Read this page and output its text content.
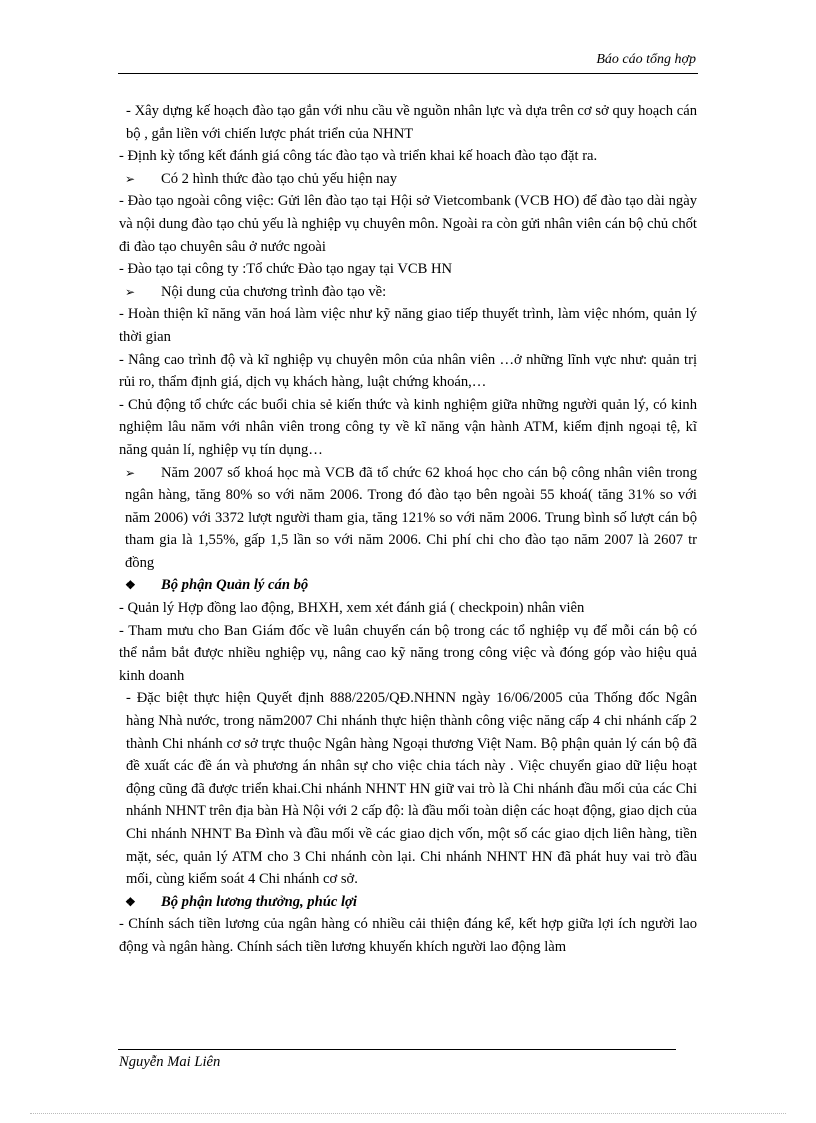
Báo cáo tổng hợp

- Xây dựng kế hoạch đào tạo gắn với nhu cầu về nguồn nhân lực và dựa trên cơ sở quy hoạch cán bộ , gắn liền với chiến lược phát triển của NHNT

- Định kỳ tổng kết đánh giá công tác đào tạo và triển khai kế hoach đào tạo đặt ra.

➢ Có 2 hình thức đào tạo chủ yếu hiện nay

- Đào tạo ngoài công việc: Gửi lên đào tạo tại Hội sở Vietcombank (VCB HO) để đào tạo dài ngày và nội dung đào tạo chủ yếu là nghiệp vụ chuyên môn. Ngoài ra còn gửi nhân viên cán bộ chủ chốt đi đào tạo chuyên sâu ở nước ngoài

- Đào tạo tại công ty :Tổ chức Đào tạo ngay tại VCB HN

➢ Nội dung của chương trình đào tạo về:

- Hoàn thiện kĩ năng văn hoá làm việc như kỹ năng giao tiếp thuyết trình, làm việc nhóm, quản lý thời gian

- Nâng cao trình độ và kĩ nghiệp vụ chuyên môn của nhân viên …ở những lĩnh vực như: quản trị rủi ro, thẩm định giá, dịch vụ khách hàng, luật chứng khoán,…

- Chủ động tổ chức các buổi chia sẻ kiến thức và kinh nghiệm giữa những người quản lý, có kinh nghiệm lâu năm với nhân viên trong công ty về kĩ năng vận hành ATM, kiểm định ngoại tệ, kĩ năng quản lí, nghiệp vụ tín dụng…

➢ Năm 2007 số khoá học mà VCB đã tổ chức 62 khoá học cho cán bộ công nhân viên trong ngân hàng, tăng 80% so với năm 2006. Trong đó đào tạo bên ngoài 55 khoá( tăng 31% so với năm 2006) với 3372 lượt người tham gia, tăng 121% so với năm 2006. Trung bình số lượt cán bộ tham gia là 1,55%, gấp 1,5 lần so với năm 2006. Chi phí chi cho đào tạo năm 2007 là 2607 tr đồng

❖ Bộ phận Quản lý cán bộ

- Quản lý Hợp đồng lao động, BHXH, xem xét đánh giá ( checkpoin) nhân viên

- Tham mưu cho Ban Giám đốc về luân chuyển cán bộ trong các tổ nghiệp vụ để mỗi cán bộ có thể nắm bắt được nhiều nghiệp vụ, nâng cao kỹ năng trong công việc và đóng góp vào hiệu quả kinh doanh

- Đặc biệt thực hiện Quyết định 888/2205/QĐ.NHNN ngày 16/06/2005 của Thống đốc Ngân hàng Nhà nước, trong năm2007 Chi nhánh thực hiện thành công việc năng cấp 4 chi nhánh cấp 2 thành Chi nhánh cơ sở trực thuộc Ngân hàng Ngoại thương Việt Nam. Bộ phận quản lý cán bộ đã đề xuất các đề án và phương án nhân sự cho việc chia tách này . Việc chuyển giao dữ liệu hoạt động cũng đã được triển khai.Chi nhánh NHNT HN giữ vai trò là Chi nhánh đầu mối của các Chi nhánh NHNT trên địa bàn Hà Nội với 2 cấp độ: là đầu mối toàn diện các hoạt động, giao dịch của Chi nhánh NHNT Ba Đình và đầu mối về các giao dịch vốn, một số các giao dịch liên hàng, tiền mặt, séc, quản lý ATM cho 3 Chi nhánh còn lại. Chi nhánh NHNT HN đã phát huy vai trò đầu mối, cùng kiểm soát 4 Chi nhánh cơ sở.

❖ Bộ phận lương thưởng, phúc lợi

- Chính sách tiền lương của ngân hàng có nhiều cải thiện đáng kể, kết hợp giữa lợi ích người lao động và ngân hàng. Chính sách tiền lương khuyến khích người lao động làm

Nguyễn Mai Liên
